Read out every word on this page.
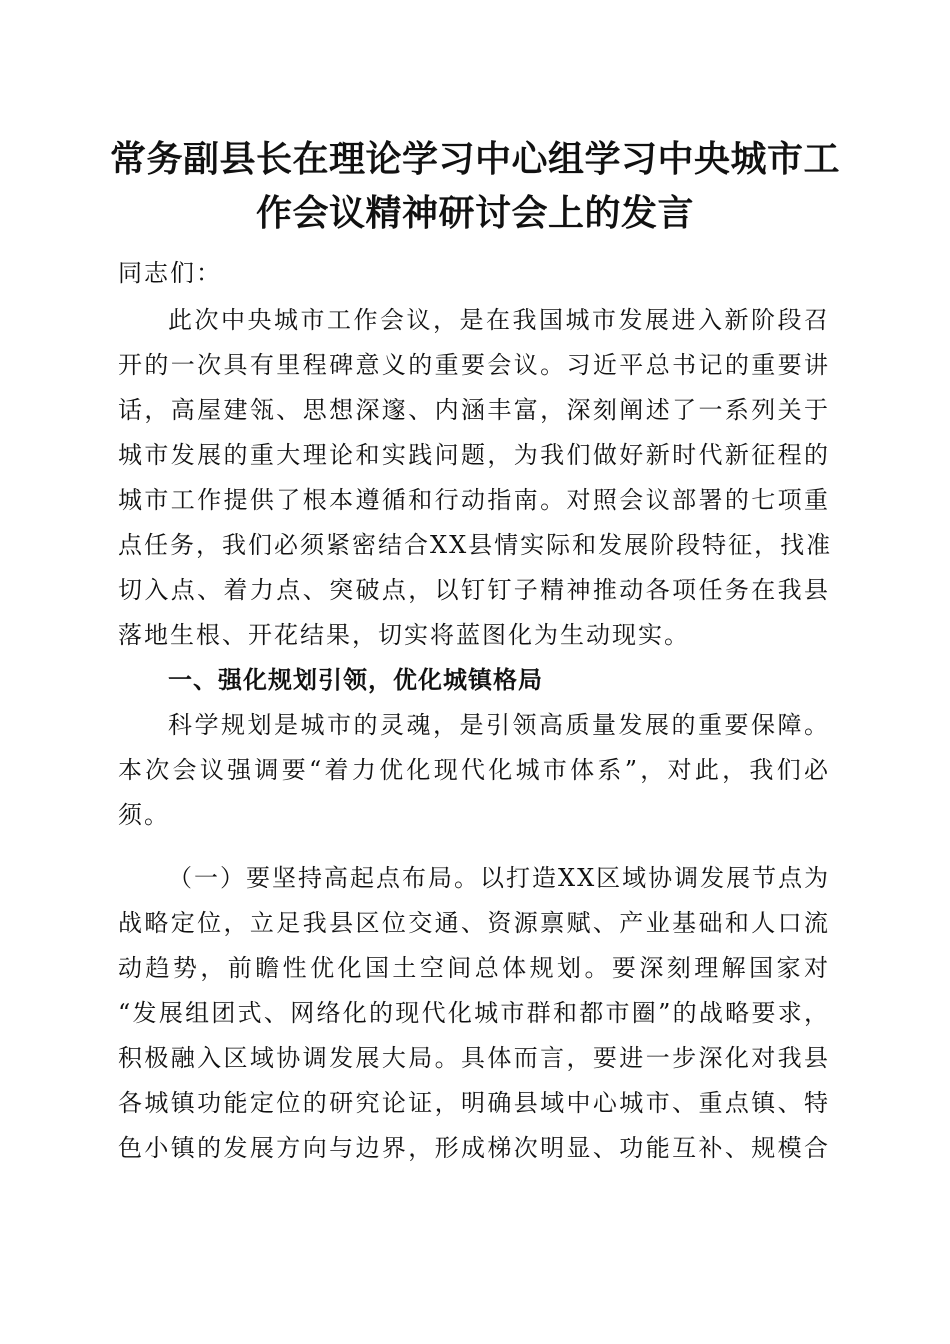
常务副县长在理论学习中心组学习中央城市工
作会议精神研讨会上的发言
同志们：
此次中央城市工作会议，是在我国城市发展进入新阶段召
开的一次具有里程碑意义的重要会议。习近平总书记的重要讲
话，高屋建瓴、思想深邃、内涵丰富，深刻阐述了一系列关于
城市发展的重大理论和实践问题，为我们做好新时代新征程的
城市工作提供了根本遵循和行动指南。对照会议部署的七项重
点任务，我们必须紧密结合XX县情实际和发展阶段特征，找准
切入点、着力点、突破点，以钉钉子精神推动各项任务在我县
落地生根、开花结果，切实将蓝图化为生动现实。
一、强化规划引领，优化城镇格局
科学规划是城市的灵魂，是引领高质量发展的重要保障。
本次会议强调要“着力优化现代化城市体系”，对此，我们必
须。
（一）要坚持高起点布局。以打造XX区域协调发展节点为
战略定位，立足我县区位交通、资源禀赋、产业基础和人口流
动趋势，前瞻性优化国土空间总体规划。要深刻理解国家对
“发展组团式、网络化的现代化城市群和都市圈”的战略要求，
积极融入区域协调发展大局。具体而言，要进一步深化对我县
各城镇功能定位的研究论证，明确县域中心城市、重点镇、特
色小镇的发展方向与边界，形成梯次明显、功能互补、规模合
